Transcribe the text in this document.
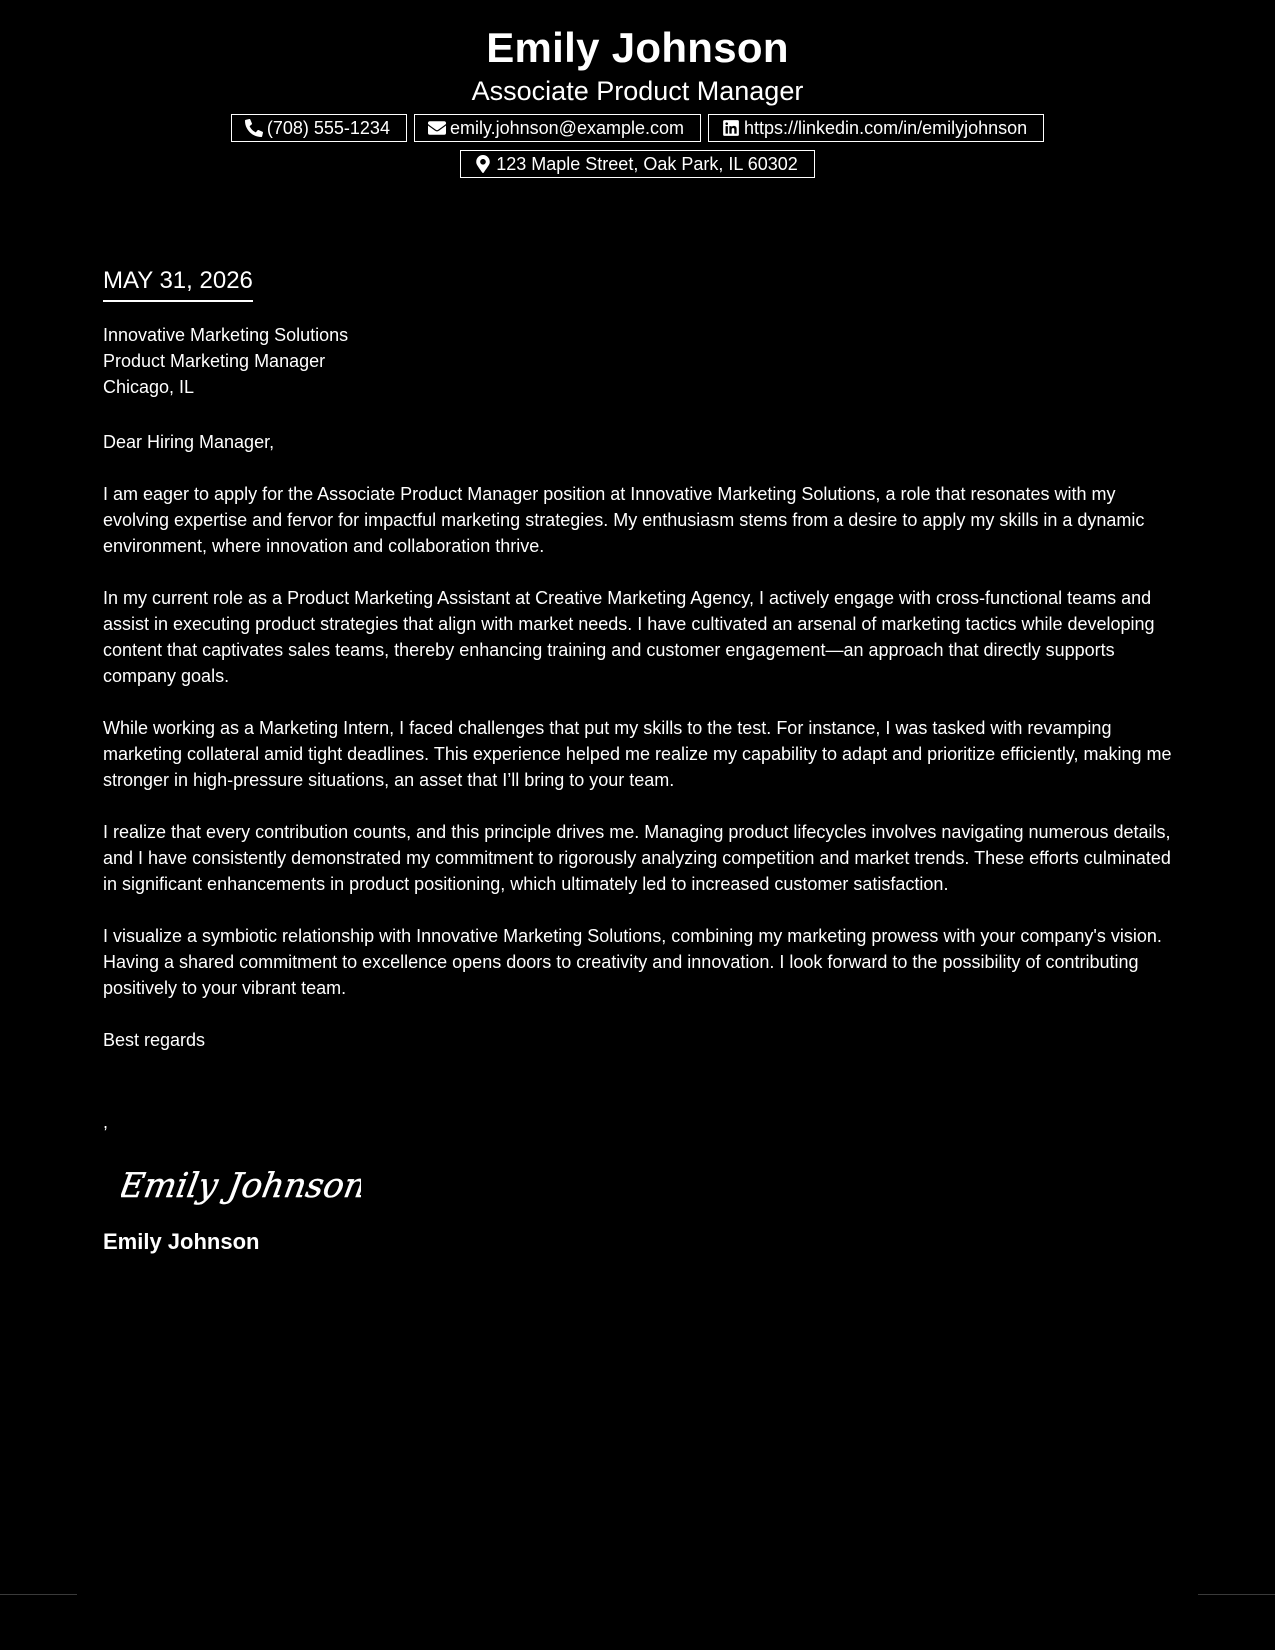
Emily Johnson
Associate Product Manager
(708) 555-1234	emily.johnson@example.com	https://linkedin.com/in/emilyjohnson
123 Maple Street, Oak Park, IL 60302
MAY 31, 2026
Innovative Marketing Solutions
Product Marketing Manager
Chicago, IL
Dear Hiring Manager,
I am eager to apply for the Associate Product Manager position at Innovative Marketing Solutions, a role that resonates with my evolving expertise and fervor for impactful marketing strategies. My enthusiasm stems from a desire to apply my skills in a dynamic environment, where innovation and collaboration thrive.
In my current role as a Product Marketing Assistant at Creative Marketing Agency, I actively engage with cross-functional teams and assist in executing product strategies that align with market needs. I have cultivated an arsenal of marketing tactics while developing content that captivates sales teams, thereby enhancing training and customer engagement—an approach that directly supports company goals.
While working as a Marketing Intern, I faced challenges that put my skills to the test. For instance, I was tasked with revamping marketing collateral amid tight deadlines. This experience helped me realize my capability to adapt and prioritize efficiently, making me stronger in high-pressure situations, an asset that I’ll bring to your team.
I realize that every contribution counts, and this principle drives me. Managing product lifecycles involves navigating numerous details, and I have consistently demonstrated my commitment to rigorously analyzing competition and market trends. These efforts culminated in significant enhancements in product positioning, which ultimately led to increased customer satisfaction.
I visualize a symbiotic relationship with Innovative Marketing Solutions, combining my marketing prowess with your company's vision. Having a shared commitment to excellence opens doors to creativity and innovation. I look forward to the possibility of contributing positively to your vibrant team.
Best regards
,
Emily Johnson
Emily Johnson
